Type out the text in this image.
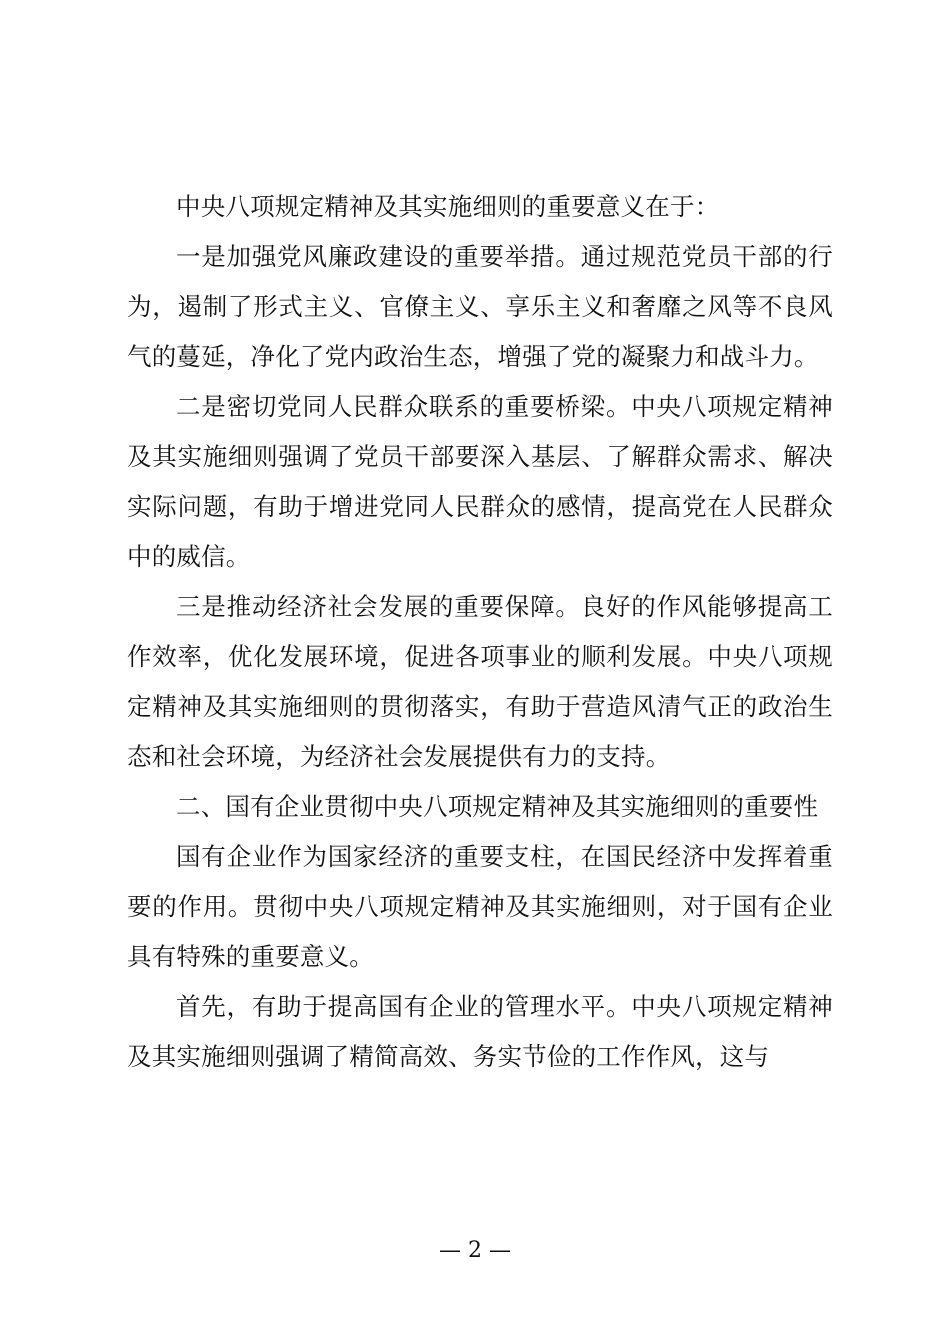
中央八项规定精神及其实施细则的重要意义在于：

一是加强党风廉政建设的重要举措。通过规范党员干部的行为，遏制了形式主义、官僚主义、享乐主义和奢靡之风等不良风气的蔓延，净化了党内政治生态，增强了党的凝聚力和战斗力。

二是密切党同人民群众联系的重要桥梁。中央八项规定精神及其实施细则强调了党员干部要深入基层、了解群众需求、解决实际问题，有助于增进党同人民群众的感情，提高党在人民群众中的威信。

三是推动经济社会发展的重要保障。良好的作风能够提高工作效率，优化发展环境，促进各项事业的顺利发展。中央八项规定精神及其实施细则的贯彻落实，有助于营造风清气正的政治生态和社会环境，为经济社会发展提供有力的支持。

二、国有企业贯彻中央八项规定精神及其实施细则的重要性

国有企业作为国家经济的重要支柱，在国民经济中发挥着重要的作用。贯彻中央八项规定精神及其实施细则，对于国有企业具有特殊的重要意义。

首先，有助于提高国有企业的管理水平。中央八项规定精神及其实施细则强调了精简高效、务实节俭的工作作风，这与

— 2 —
